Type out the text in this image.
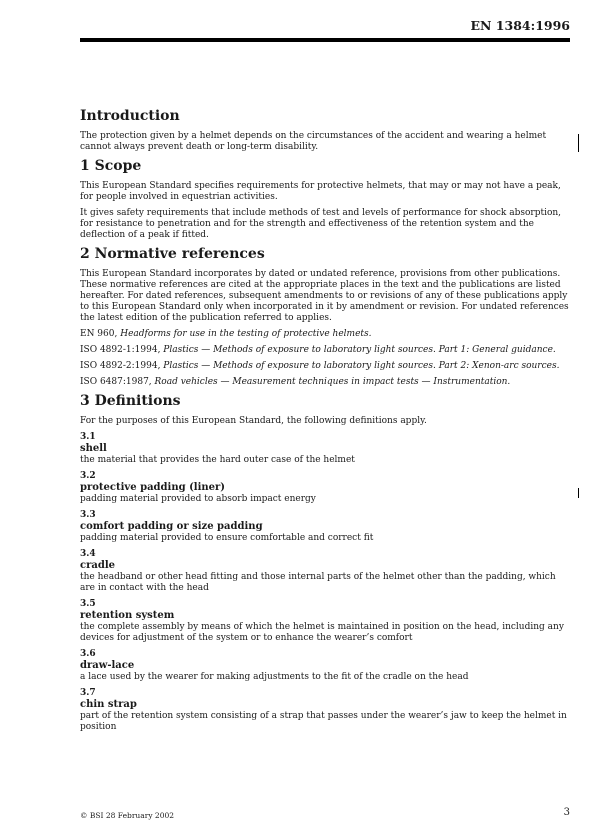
EN 1384:1996
Introduction

The protection given by a helmet depends on the circumstances of the accident and wearing a helmet cannot always prevent death or long-term disability.

1 Scope

This European Standard specifies requirements for protective helmets, that may or may not have a peak, for people involved in equestrian activities.

It gives safety requirements that include methods of test and levels of performance for shock absorption, for resistance to penetration and for the strength and effectiveness of the retention system and the deflection of a peak if fitted.

2 Normative references

This European Standard incorporates by dated or undated reference, provisions from other publications. These normative references are cited at the appropriate places in the text and the publications are listed hereafter. For dated references, subsequent amendments to or revisions of any of these publications apply to this European Standard only when incorporated in it by amendment or revision. For undated references the latest edition of the publication referred to applies.

EN 960, Headforms for use in the testing of protective helmets.

ISO 4892-1:1994, Plastics — Methods of exposure to laboratory light sources. Part 1: General guidance.

ISO 4892-2:1994, Plastics — Methods of exposure to laboratory light sources. Part 2: Xenon-arc sources.

ISO 6487:1987, Road vehicles — Measurement techniques in impact tests — Instrumentation.

3 Definitions

For the purposes of this European Standard, the following definitions apply.

3.1
shell
the material that provides the hard outer case of the helmet
3.2
protective padding (liner)
padding material provided to absorb impact energy
3.3
comfort padding or size padding
padding material provided to ensure comfortable and correct fit
3.4
cradle
the headband or other head fitting and those internal parts of the helmet other than the padding, which are in contact with the head
3.5
retention system
the complete assembly by means of which the helmet is maintained in position on the head, including any devices for adjustment of the system or to enhance the wearer’s comfort
3.6
draw-lace
a lace used by the wearer for making adjustments to the fit of the cradle on the head
3.7
chin strap
part of the retention system consisting of a strap that passes under the wearer’s jaw to keep the helmet in position
© BSI 28 February 2002	3
